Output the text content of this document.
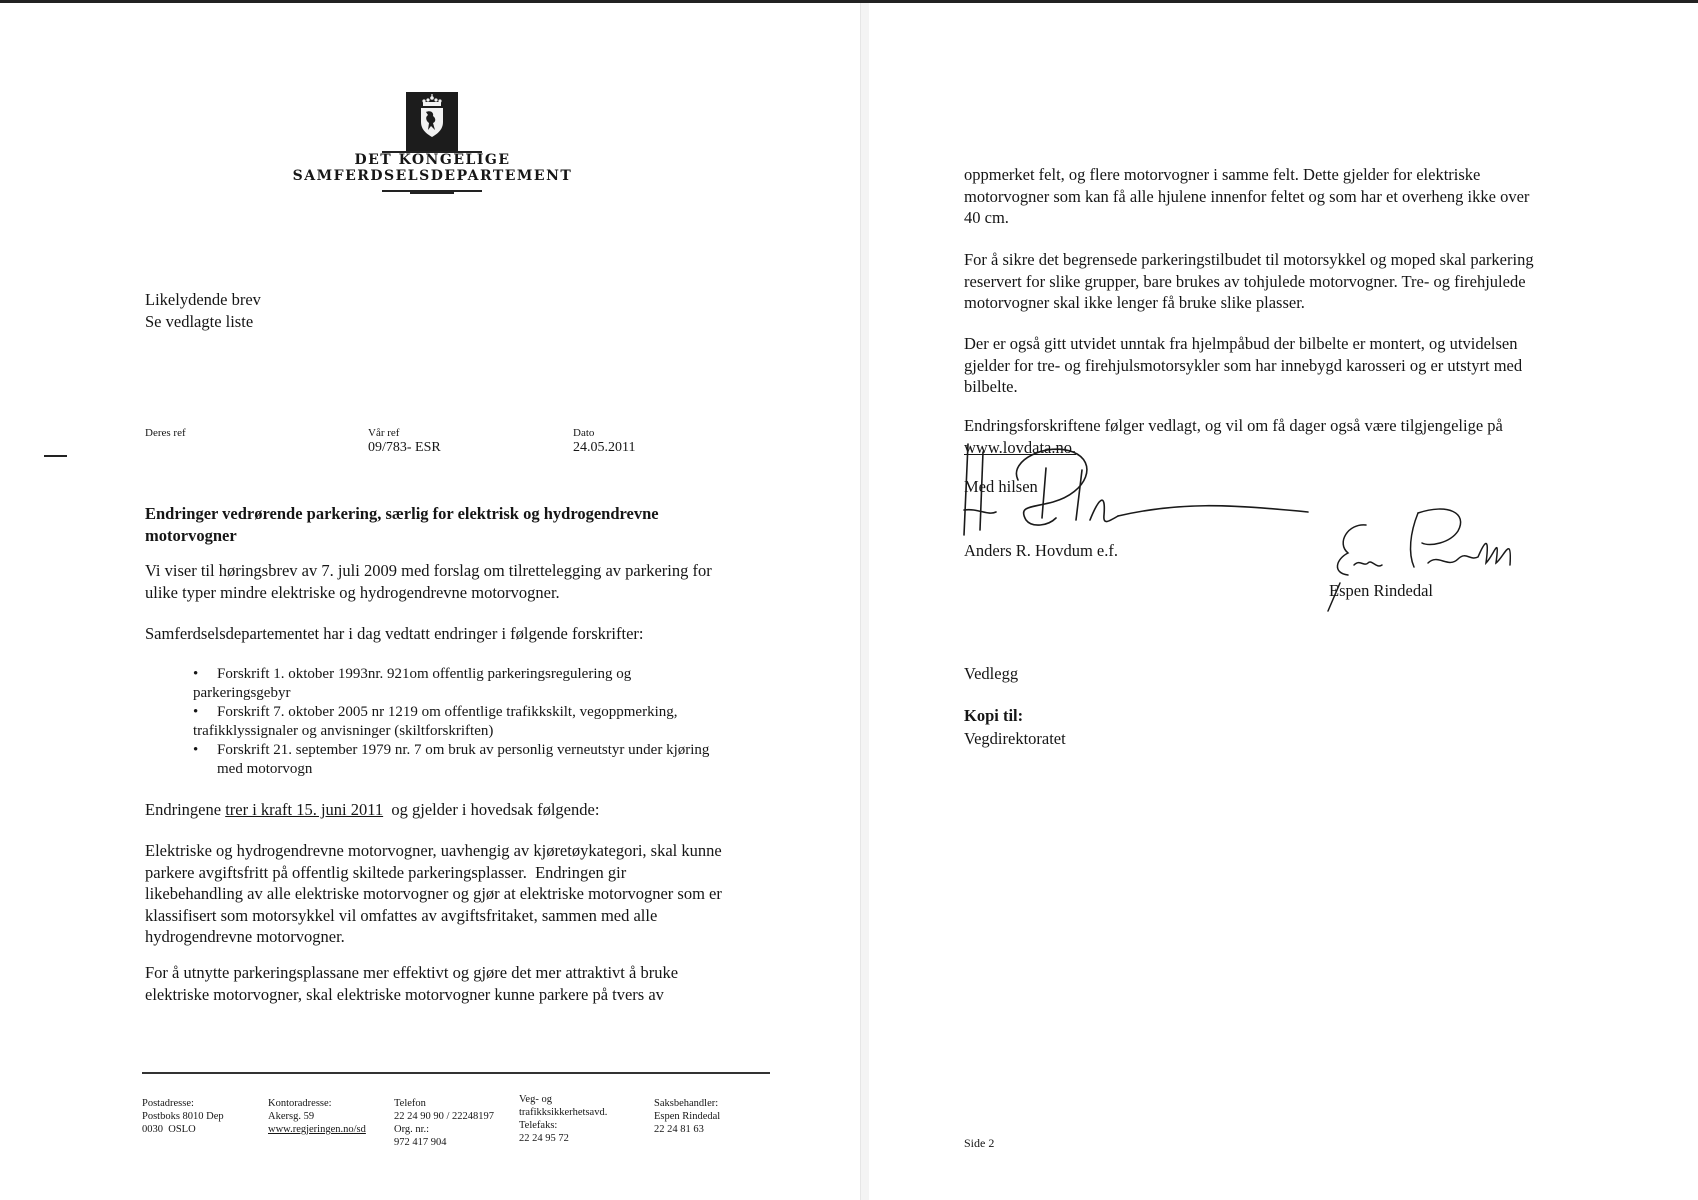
DET KONGELIGE
SAMFERDSELSDEPARTEMENT
Likelydende brev
Se vedlagte liste
Deres ref	Vår ref
09/783- ESR
Dato
24.05.2011
Endringer vedrørende parkering, særlig for elektrisk og hydrogendrevne
motorvogner
Vi viser til høringsbrev av 7. juli 2009 med forslag om tilrettelegging av parkering for
ulike typer mindre elektriske og hydrogendrevne motorvogner.
Samferdselsdepartementet har i dag vedtatt endringer i følgende forskrifter:
• Forskrift 1. oktober 1993nr. 921om offentlig parkeringsregulering og
parkeringsgebyr
• Forskrift 7. oktober 2005 nr 1219 om offentlige trafikkskilt, vegoppmerking,
trafikklyssignaler og anvisninger (skiltforskriften)
• Forskrift 21. september 1979 nr. 7 om bruk av personlig verneutstyr under kjøring
med motorvogn
Endringene trer i kraft 15. juni 2011  og gjelder i hovedsak følgende:
Elektriske og hydrogendrevne motorvogner, uavhengig av kjøretøykategori, skal kunne
parkere avgiftsfritt på offentlig skiltede parkeringsplasser.  Endringen gir
likebehandling av alle elektriske motorvogner og gjør at elektriske motorvogner som er
klassifisert som motorsykkel vil omfattes av avgiftsfritaket, sammen med alle
hydrogendrevne motorvogner.
For å utnytte parkeringsplassane mer effektivt og gjøre det mer attraktivt å bruke
elektriske motorvogner, skal elektriske motorvogner kunne parkere på tvers av
Postadresse:
Postboks 8010 Dep
0030  OSLO
Kontoradresse:
Akersg. 59
www.regjeringen.no/sd
Telefon
22 24 90 90 / 22248197
Org. nr.:
972 417 904
Veg- og
trafikksikkerhetsavd.
Telefaks:
22 24 95 72
Saksbehandler:
Espen Rindedal
22 24 81 63
oppmerket felt, og flere motorvogner i samme felt. Dette gjelder for elektriske
motorvogner som kan få alle hjulene innenfor feltet og som har et overheng ikke over
40 cm.
For å sikre det begrensede parkeringstilbudet til motorsykkel og moped skal parkering
reservert for slike grupper, bare brukes av tohjulede motorvogner. Tre- og firehjulede
motorvogner skal ikke lenger få bruke slike plasser.
Der er også gitt utvidet unntak fra hjelmpåbud der bilbelte er montert, og utvidelsen
gjelder for tre- og firehjulsmotorsykler som har innebygd karosseri og er utstyrt med
bilbelte.
Endringsforskriftene følger vedlagt, og vil om få dager også være tilgjengelige på
www.lovdata.no.
Med hilsen
Anders R. Hovdum e.f.
Espen Rindedal
Vedlegg
Kopi til:
Vegdirektoratet
Side 2
